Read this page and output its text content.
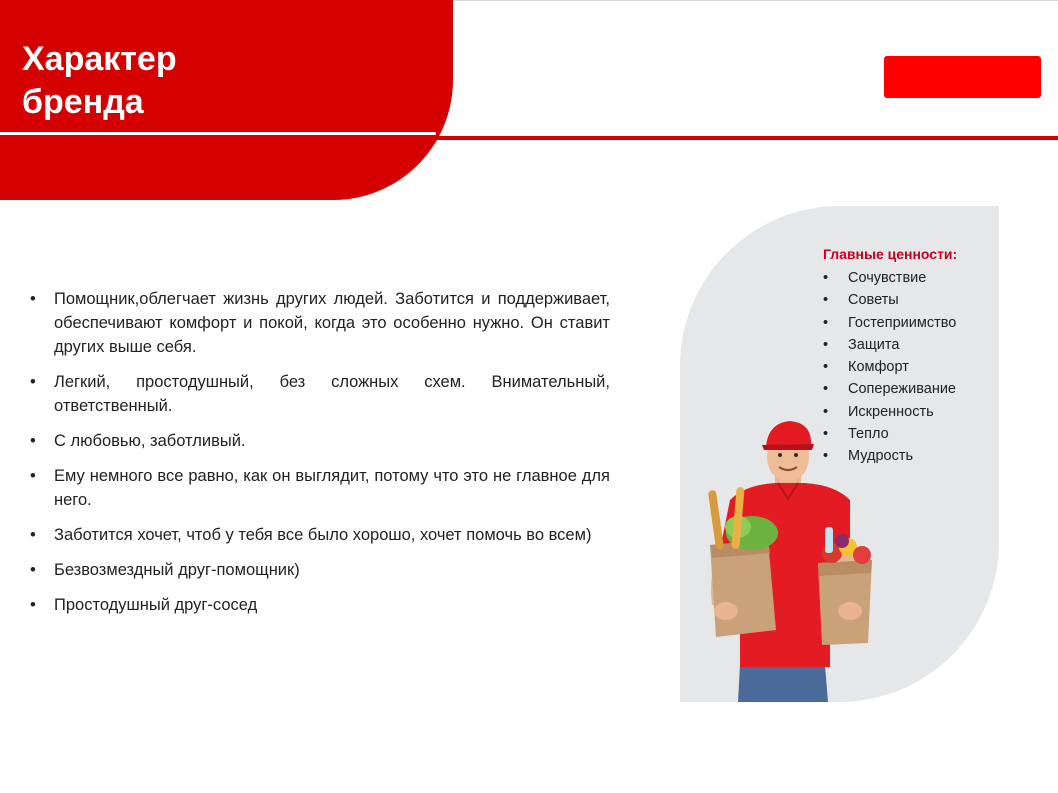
Характер
бренда
• Помощник,облегчает жизнь других людей. Заботится и поддерживает, обеспечивают комфорт и покой, когда это особенно нужно. Он ставит других выше себя.
• Легкий, простодушный, без сложных схем. Внимательный, ответственный.
• С любовью, заботливый.
• Ему немного все равно, как он выглядит, потому что это не главное для него.
• Заботится хочет, чтоб у тебя все было хорошо, хочет помочь во всем)
• Безвозмездный друг-помощник)
• Простодушный друг-сосед
Главные ценности:
• Сочувствие
• Советы
• Гостеприимство
• Защита
• Комфорт
• Сопереживание
• Искренность
• Тепло
• Мудрость
